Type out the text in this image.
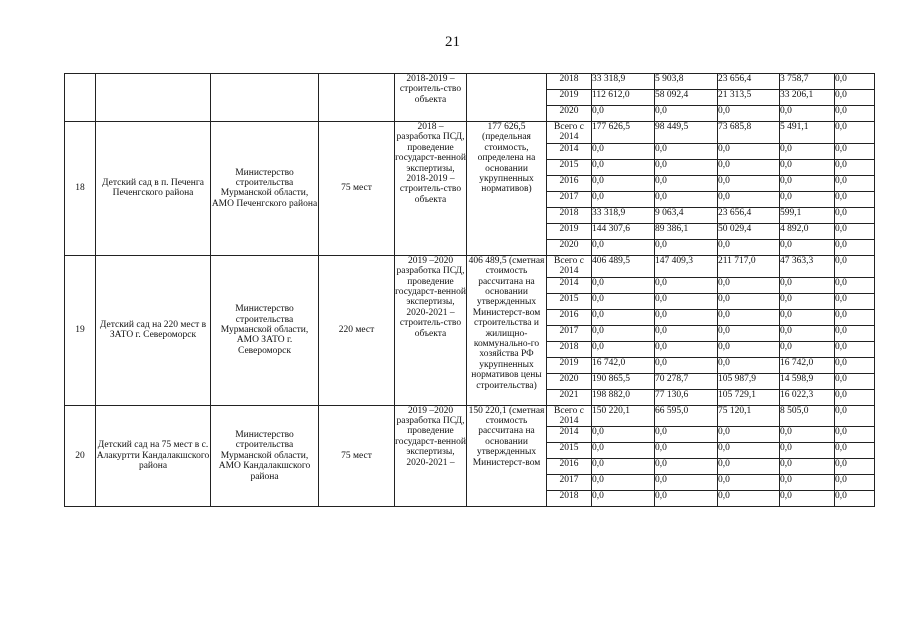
21
				2018-2019 – строитель-ство объекта		2018	33 318,9	5 903,8	23 656,4	3 758,7	0,0
						2019	112 612,0	58 092,4	21 313,5	33 206,1	0,0
						2020	0,0	0,0	0,0	0,0	0,0
18	Детский сад в п. Печенга Печенгского района	Министерство строительства Мурманской области, АМО Печенгского района	75 мест	2018 – разработка ПСД, проведение государст-венной экспертизы, 2018-2019 – строитель-ство объекта	177 626,5 (предельная стоимость, определена на основании укрупненных нормативов)	Всего с 2014	177 626,5	98 449,5	73 685,8	5 491,1	0,0
						2014	0,0	0,0	0,0	0,0	0,0
						2015	0,0	0,0	0,0	0,0	0,0
						2016	0,0	0,0	0,0	0,0	0,0
						2017	0,0	0,0	0,0	0,0	0,0
						2018	33 318,9	9 063,4	23 656,4	599,1	0,0
						2019	144 307,6	89 386,1	50 029,4	4 892,0	0,0
						2020	0,0	0,0	0,0	0,0	0,0
19	Детский сад на 220 мест в ЗАТО г. Североморск	Министерство строительства Мурманской области, АМО ЗАТО г. Североморск	220 мест	2019 –2020 разработка ПСД, проведение государст-венной экспертизы, 2020-2021 – строитель-ство объекта	406 489,5 (сметная стоимость рассчитана на основании утвержденных Министерст-вом строительства и жилищно-коммунально-го хозяйства РФ укрупненных нормативов цены строительства)	Всего с 2014	406 489,5	147 409,3	211 717,0	47 363,3	0,0
						2014	0,0	0,0	0,0	0,0	0,0
						2015	0,0	0,0	0,0	0,0	0,0
						2016	0,0	0,0	0,0	0,0	0,0
						2017	0,0	0,0	0,0	0,0	0,0
						2018	0,0	0,0	0,0	0,0	0,0
						2019	16 742,0	0,0	0,0	16 742,0	0,0
						2020	190 865,5	70 278,7	105 987,9	14 598,9	0,0
						2021	198 882,0	77 130,6	105 729,1	16 022,3	0,0
20	Детский сад на 75 мест в с. Алакуртти Кандалакшского района	Министерство строительства Мурманской области, АМО Кандалакшского района	75 мест	2019 –2020 разработка ПСД, проведение государст-венной экспертизы, 2020-2021 –	150 220,1 (сметная стоимость рассчитана на основании утвержденных Министерст-вом	Всего с 2014	150 220,1	66 595,0	75 120,1	8 505,0	0,0
						2014	0,0	0,0	0,0	0,0	0,0
						2015	0,0	0,0	0,0	0,0	0,0
						2016	0,0	0,0	0,0	0,0	0,0
						2017	0,0	0,0	0,0	0,0	0,0
						2018	0,0	0,0	0,0	0,0	0,0
